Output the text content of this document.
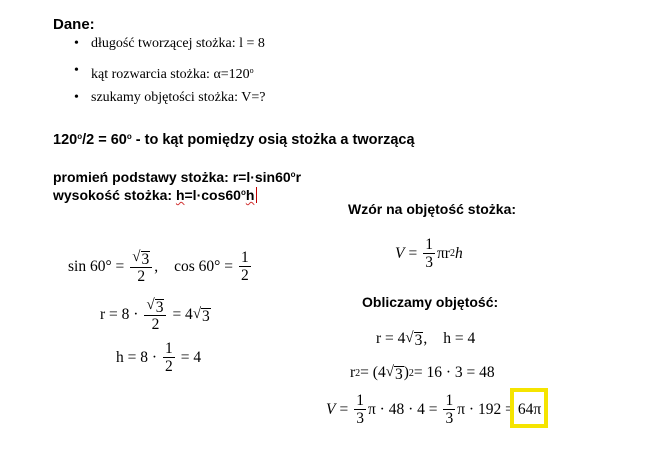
Dane:
• długość tworzącej stożka: l = 8
• kąt rozwarcia stożka: $\alpha=120^o$
• szukamy objętości stożka: V=?
$120^o/2 = 60^o$ - to kąt pomiędzy osią stożka a tworzącą
promień podstawy stożka: $r=l\cdot\sin 60^or$
wysokość stożka: $h=l\cdot\cos 60^oh$
Wzór na objętość stożka:
Obliczamy objętość:
$\sin 60^\circ = \frac{√ 3}{2}$ , $\cos 60^\circ = \frac{1}{2}$
$r = 8 \cdot \frac{√ 3}{2} = 4$ √ 3
$h = 8 \cdot \frac{1}{2} = 4$
$V = \frac{1}{3}$ πr 2 h
r = 4 √ 3 , h = 4
r 2 = (4 √ 3 ) 2 = 16 · 3 = 48
$V = \frac{1}{3}$ $\pi \cdot 48 \cdot 4 = \frac{1}{3}$ π · 192 = 64π
